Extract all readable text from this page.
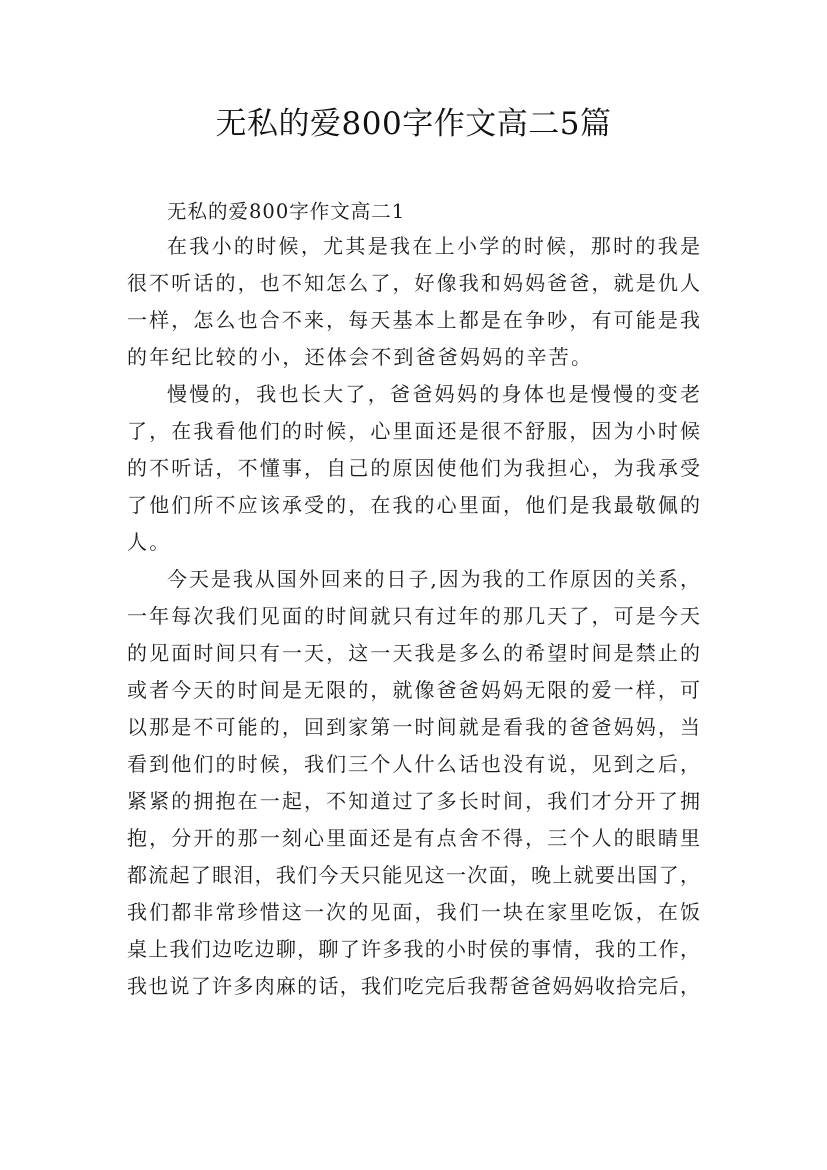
无私的爱800字作文高二5篇
无私的爱800字作文高二1
在我小的时候，尤其是我在上小学的时候，那时的我是
很不听话的，也不知怎么了，好像我和妈妈爸爸，就是仇人
一样，怎么也合不来，每天基本上都是在争吵，有可能是我
的年纪比较的小，还体会不到爸爸妈妈的辛苦。
慢慢的，我也长大了，爸爸妈妈的身体也是慢慢的变老
了，在我看他们的时候，心里面还是很不舒服，因为小时候
的不听话，不懂事，自己的原因使他们为我担心，为我承受
了他们所不应该承受的，在我的心里面，他们是我最敬佩的
人。
今天是我从国外回来的日子,因为我的工作原因的关系，
一年每次我们见面的时间就只有过年的那几天了，可是今天
的见面时间只有一天，这一天我是多么的希望时间是禁止的
或者今天的时间是无限的，就像爸爸妈妈无限的爱一样，可
以那是不可能的，回到家第一时间就是看我的爸爸妈妈，当
看到他们的时候，我们三个人什么话也没有说，见到之后，
紧紧的拥抱在一起，不知道过了多长时间，我们才分开了拥
抱，分开的那一刻心里面还是有点舍不得，三个人的眼睛里
都流起了眼泪，我们今天只能见这一次面，晚上就要出国了，
我们都非常珍惜这一次的见面，我们一块在家里吃饭，在饭
桌上我们边吃边聊，聊了许多我的小时侯的事情，我的工作，
我也说了许多肉麻的话，我们吃完后我帮爸爸妈妈收拾完后，
